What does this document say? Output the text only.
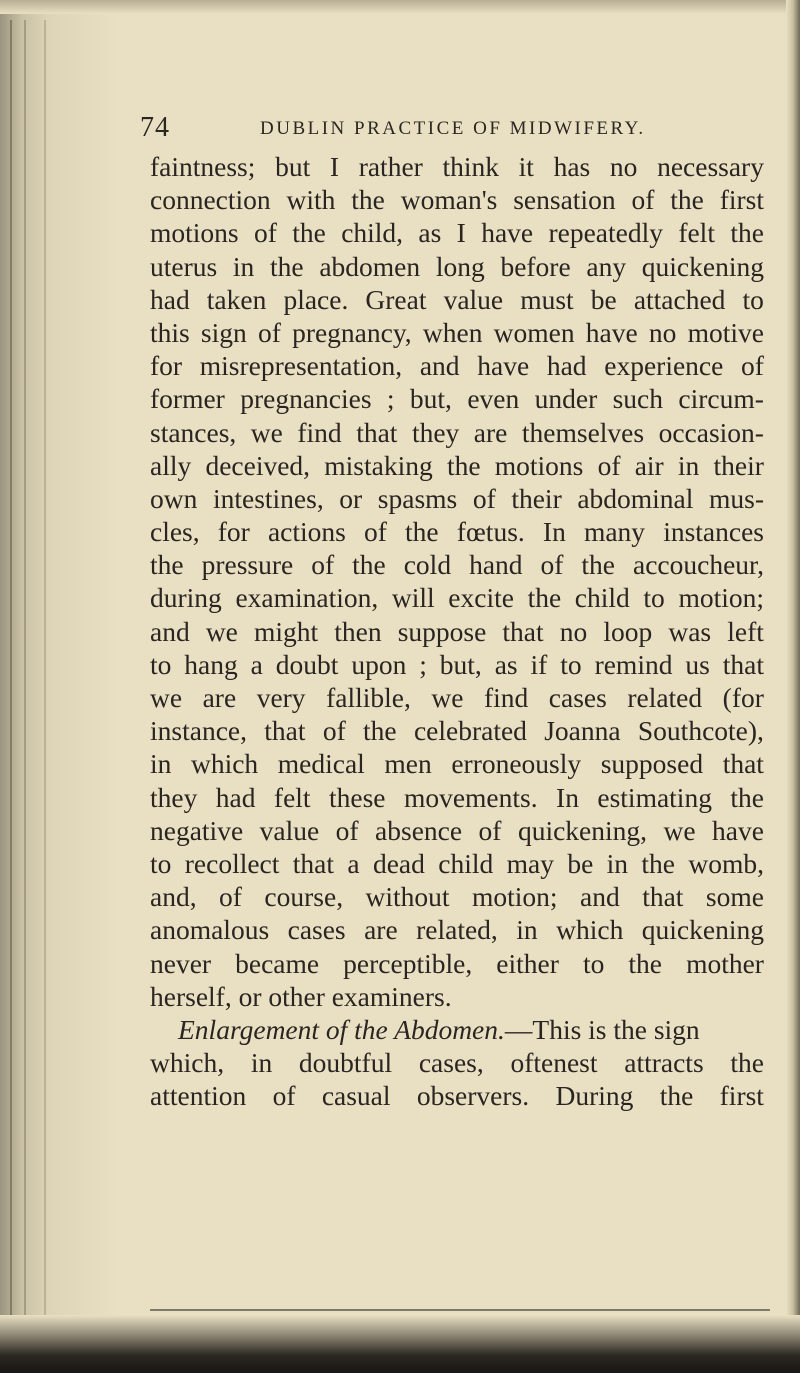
74	DUBLIN PRACTICE OF MIDWIFERY.
faintness; but I rather think it has no necessary
connection with the woman's sensation of the first
motions of the child, as I have repeatedly felt the
uterus in the abdomen long before any quickening
had taken place. Great value must be attached to
this sign of pregnancy, when women have no motive
for misrepresentation, and have had experience of
former pregnancies ; but, even under such circum-
stances, we find that they are themselves occasion-
ally deceived, mistaking the motions of air in their
own intestines, or spasms of their abdominal mus-
cles, for actions of the fœtus. In many instances
the pressure of the cold hand of the accoucheur,
during examination, will excite the child to motion;
and we might then suppose that no loop was left
to hang a doubt upon ; but, as if to remind us that
we are very fallible, we find cases related (for
instance, that of the celebrated Joanna Southcote),
in which medical men erroneously supposed that
they had felt these movements. In estimating the
negative value of absence of quickening, we have
to recollect that a dead child may be in the womb,
and, of course, without motion; and that some
anomalous cases are related, in which quickening
never became perceptible, either to the mother
herself, or other examiners.
Enlargement of the Abdomen.—This is the sign
which, in doubtful cases, oftenest attracts the
attention of casual observers. During the first
